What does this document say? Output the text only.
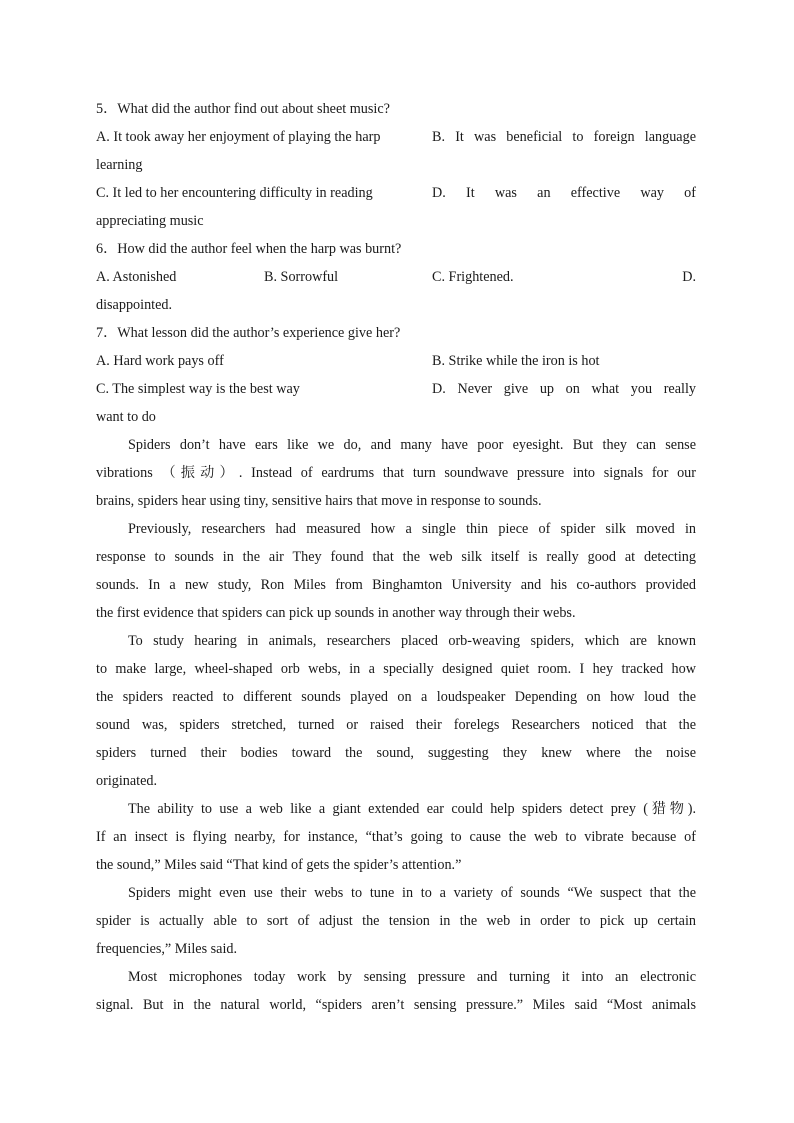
5．What did the author find out about sheet music?
A. It took away her enjoyment of playing the harp	B. It was beneficial to foreign language
learning
C. It led to her encountering difficulty in reading	D. It was an effective way of
appreciating music
6．How did the author feel when the harp was burnt?
A. Astonished	B. Sorrowful	C. Frightened.	D.
disappointed.
7．What lesson did the author’s experience give her?
A. Hard work pays off	B. Strike while the iron is hot
C. The simplest way is the best way	D. Never give up on what you really
want to do
Spiders don’t have ears like we do, and many have poor eyesight. But they can sense
vibrations （振动）. Instead of eardrums that turn soundwave pressure into signals for our
brains, spiders hear using tiny, sensitive hairs that move in response to sounds.
Previously, researchers had measured how a single thin piece of spider silk moved in
response to sounds in the air They found that the web silk itself is really good at detecting
sounds. In a new study, Ron Miles from Binghamton University and his co-authors provided
the first evidence that spiders can pick up sounds in another way through their webs.
To study hearing in animals, researchers placed orb-weaving spiders, which are known
to make large, wheel-shaped orb webs, in a specially designed quiet room. I hey tracked how
the spiders reacted to different sounds played on a loudspeaker Depending on how loud the
sound was, spiders stretched, turned or raised their forelegs Researchers noticed that the
spiders turned their bodies toward the sound, suggesting they knew where the noise
originated.
The ability to use a web like a giant extended ear could help spiders detect prey (猎物).
If an insect is flying nearby, for instance, “that’s going to cause the web to vibrate because of
the sound,” Miles said “That kind of gets the spider’s attention.”
Spiders might even use their webs to tune in to a variety of sounds “We suspect that the
spider is actually able to sort of adjust the tension in the web in order to pick up certain
frequencies,” Miles said.
Most microphones today work by sensing pressure and turning it into an electronic
signal. But in the natural world, “spiders aren’t sensing pressure.” Miles said “Most animals
